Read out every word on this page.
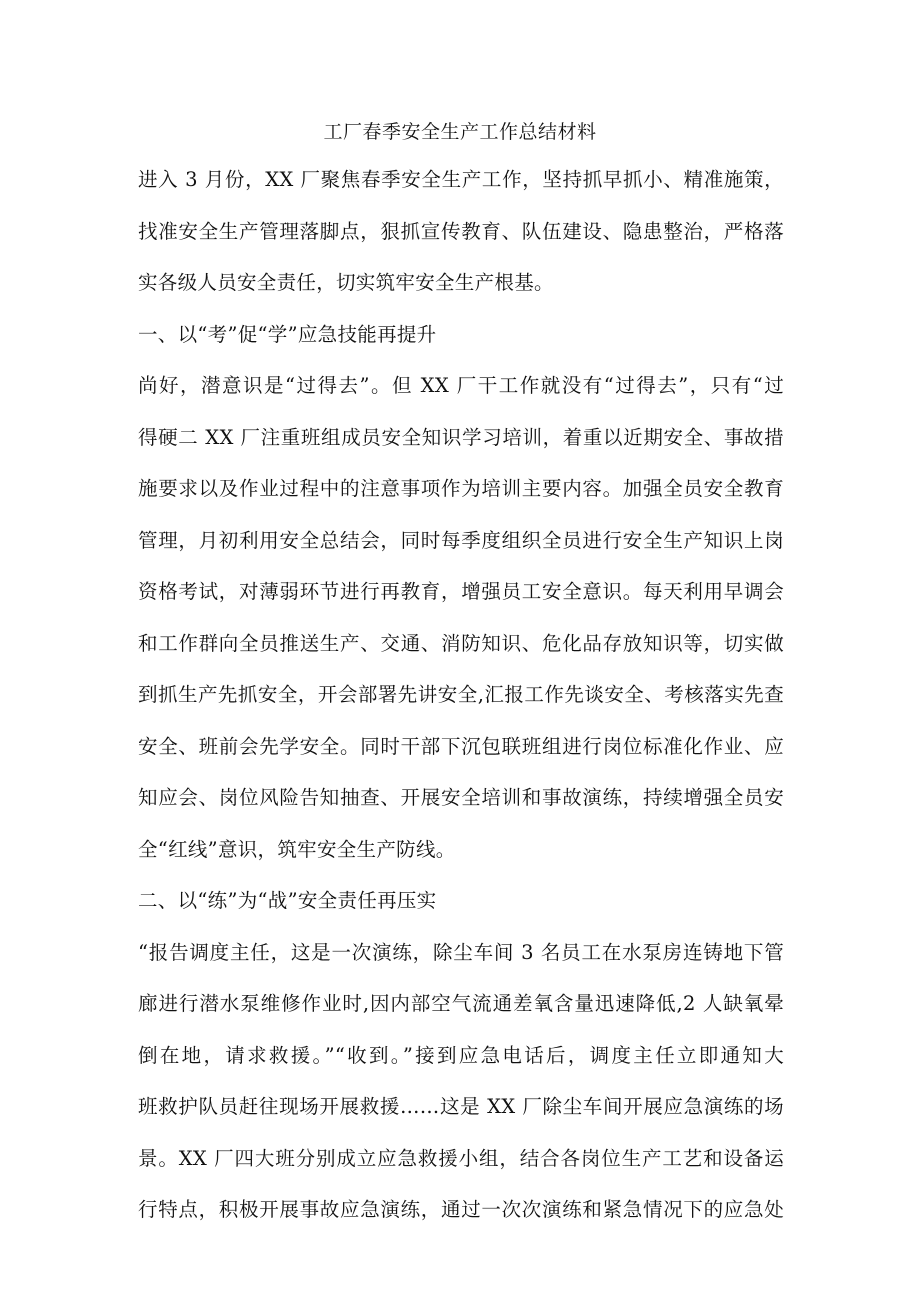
工厂春季安全生产工作总结材料
进入 3 月份，XX 厂聚焦春季安全生产工作，坚持抓早抓小、精准施策，
找准安全生产管理落脚点，狠抓宣传教育、队伍建设、隐患整治，严格落
实各级人员安全责任，切实筑牢安全生产根基。
一、以“考”促“学”应急技能再提升
尚好，潜意识是“过得去”。但 XX 厂干工作就没有“过得去”，只有“过
得硬二 XX 厂注重班组成员安全知识学习培训，着重以近期安全、事故措
施要求以及作业过程中的注意事项作为培训主要内容。加强全员安全教育
管理，月初利用安全总结会，同时每季度组织全员进行安全生产知识上岗
资格考试，对薄弱环节进行再教育，增强员工安全意识。每天利用早调会
和工作群向全员推送生产、交通、消防知识、危化品存放知识等，切实做
到抓生产先抓安全，开会部署先讲安全,汇报工作先谈安全、考核落实先查
安全、班前会先学安全。同时干部下沉包联班组进行岗位标准化作业、应
知应会、岗位风险告知抽查、开展安全培训和事故演练，持续增强全员安
全“红线”意识，筑牢安全生产防线。
二、以“练”为“战”安全责任再压实
“报告调度主任，这是一次演练，除尘车间 3 名员工在水泵房连铸地下管
廊进行潜水泵维修作业时,因内部空气流通差氧含量迅速降低,2 人缺氧晕
倒在地，请求救援。”“收到。”接到应急电话后，调度主任立即通知大
班救护队员赶往现场开展救援……这是 XX 厂除尘车间开展应急演练的场
景。XX 厂四大班分别成立应急救援小组，结合各岗位生产工艺和设备运
行特点，积极开展事故应急演练，通过一次次演练和紧急情况下的应急处
